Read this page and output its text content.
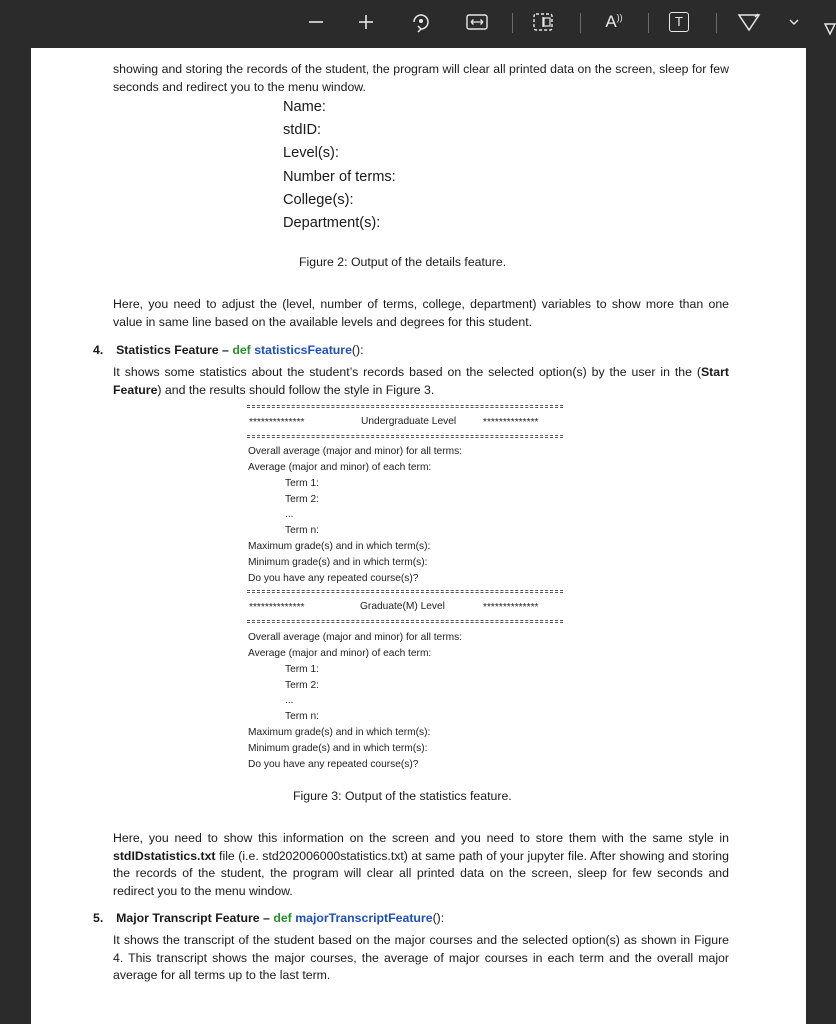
A))	T
showing and storing the records of the student, the program will clear all printed data on the screen, sleep for few seconds and redirect you to the menu window.
Name:
stdID:
Level(s):
Number of terms:
College(s):
Department(s):
Figure 2: Output of the details feature.
Here, you need to adjust the (level, number of terms, college, department) variables to show more than one value in same line based on the available levels and degrees for this student.
4. Statistics Feature – def statisticsFeature():
It shows some statistics about the student’s records based on the selected option(s) by the user in the (Start Feature) and the results should follow the style in Figure 3.
**************	Undergraduate Level	**************
Overall average (major and minor) for all terms:
Average (major and minor) of each term:
Term 1:
Term 2:
...
Term n:
Maximum grade(s) and in which term(s):
Minimum grade(s) and in which term(s):
Do you have any repeated course(s)?
**************	Graduate(M) Level	**************
Overall average (major and minor) for all terms:
Average (major and minor) of each term:
Term 1:
Term 2:
...
Term n:
Maximum grade(s) and in which term(s):
Minimum grade(s) and in which term(s):
Do you have any repeated course(s)?
Figure 3: Output of the statistics feature.
Here, you need to show this information on the screen and you need to store them with the same style in stdIDstatistics.txt file (i.e. std202006000statistics.txt) at same path of your jupyter file. After showing and storing the records of the student, the program will clear all printed data on the screen, sleep for few seconds and redirect you to the menu window.
5. Major Transcript Feature – def majorTranscriptFeature():
It shows the transcript of the student based on the major courses and the selected option(s) as shown in Figure 4. This transcript shows the major courses, the average of major courses in each term and the overall major average for all terms up to the last term.
